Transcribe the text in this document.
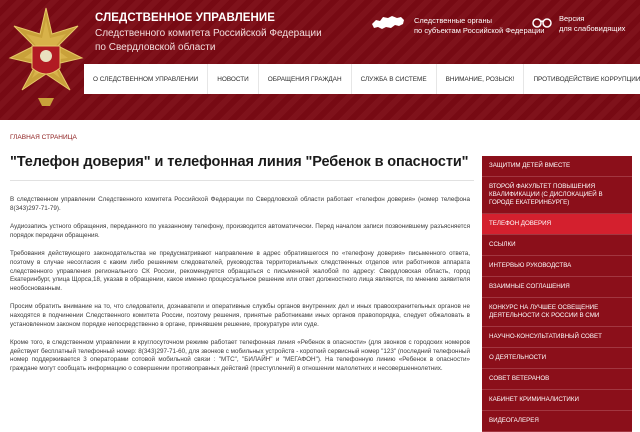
СЛЕДСТВЕННОЕ УПРАВЛЕНИЕ
Следственного комитета Российской Федерации
по Свердловской области
Следственные органы
по субъектам Российской Федерации
Версия
для слабовидящих
О СЛЕДСТВЕННОМ УПРАВЛЕНИИ	НОВОСТИ	ОБРАЩЕНИЯ ГРАЖДАН	СЛУЖБА В СИСТЕМЕ	ВНИМАНИЕ, РОЗЫСК!	ПРОТИВОДЕЙСТВИЕ КОРРУПЦИИ
ГЛАВНАЯ СТРАНИЦА
"Телефон доверия" и телефонная линия "Ребенок в опасности"

В следственном управлении Следственного комитета Российской Федерации по Свердловской области работает «телефон доверия» (номер телефона 8(343)297-71-79).

Аудиозапись устного обращения, переданного по указанному телефону, производится автоматически. Перед началом записи позвонившему разъясняется порядок передачи обращения.

Требования действующего законодательства не предусматривают направление в адрес обратившегося по «телефону доверия» письменного ответа, поэтому в случае несогласия с каким либо решением следователей, руководства территориальных следственных отделов или работников аппарата следственного управления регионального СК России, рекомендуется обращаться с письменной жалобой по адресу: Свердловская область, город Екатеринбург, улица Щорса,18, указав в обращении, какое именно процессуальное решение или ответ должностного лица являются, по мнению заявителя необоснованным.

Просим обратить внимание на то, что следователи, дознаватели и оперативные службы органов внутренних дел и иных правоохранительных органов не находятся в подчинении Следственного комитета России, поэтому решения, принятые работниками иных органов правопорядка, следует обжаловать в установленном законом порядке непосредственно в органе, принявшем решение, прокуратуре или суде.

Кроме того, в следственном управлении в круглосуточном режиме работает телефонная линия «Ребенок в опасности» (для звонков с городских номеров действует бесплатный телефонный номер: 8(343)297-71-60, для звонков с мобильных устройств - короткий сервисный номер "123" (последний телефонный номер поддерживается 3 операторами сотовой мобильной связи : "МТС", "БИЛАЙН" и "МЕГАФОН"). На телефонную линию «Ребенок в опасности» граждане могут сообщать информацию о совершении противоправных действий (преступлений) в отношении малолетних и несовершеннолетних.

ЗАЩИТИМ ДЕТЕЙ ВМЕСТЕ
ВТОРОЙ ФАКУЛЬТЕТ ПОВЫШЕНИЯ КВАЛИФИКАЦИИ (С ДИСЛОКАЦИЕЙ В ГОРОДЕ ЕКАТЕРИНБУРГЕ)
ТЕЛЕФОН ДОВЕРИЯ
ССЫЛКИ
ИНТЕРВЬЮ РУКОВОДСТВА
ВЗАИМНЫЕ СОГЛАШЕНИЯ
КОНКУРС НА ЛУЧШЕЕ ОСВЕЩЕНИЕ ДЕЯТЕЛЬНОСТИ СК РОССИИ В СМИ
НАУЧНО-КОНСУЛЬТАТИВНЫЙ СОВЕТ
О ДЕЯТЕЛЬНОСТИ
СОВЕТ ВЕТЕРАНОВ
КАБИНЕТ КРИМИНАЛИСТИКИ
ВИДЕОГАЛЕРЕЯ
